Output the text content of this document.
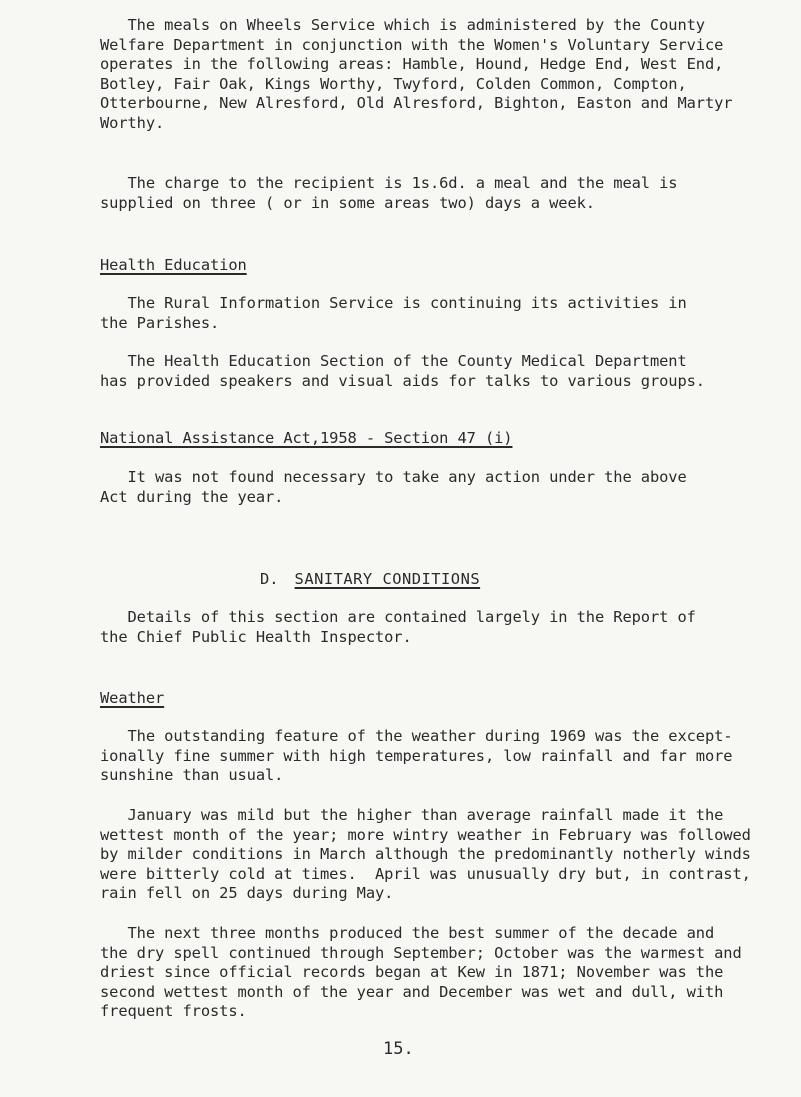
The meals on Wheels Service which is administered by the County
Welfare Department in conjunction with the Women's Voluntary Service
operates in the following areas: Hamble, Hound, Hedge End, West End,
Botley, Fair Oak, Kings Worthy, Twyford, Colden Common, Compton,
Otterbourne, New Alresford, Old Alresford, Bighton, Easton and Martyr
Worthy.

The charge to the recipient is 1s.6d. a meal and the meal is
supplied on three ( or in some areas two) days a week.

Health Education

The Rural Information Service is continuing its activities in
the Parishes.

The Health Education Section of the County Medical Department
has provided speakers and visual aids for talks to various groups.

National Assistance Act,1958 - Section 47 (i)

It was not found necessary to take any action under the above
Act during the year.

D. SANITARY CONDITIONS

Details of this section are contained largely in the Report of
the Chief Public Health Inspector.

Weather

The outstanding feature of the weather during 1969 was the except-
ionally fine summer with high temperatures, low rainfall and far more
sunshine than usual.

January was mild but the higher than average rainfall made it the
wettest month of the year; more wintry weather in February was followed
by milder conditions in March although the predominantly notherly winds
were bitterly cold at times.  April was unusually dry but, in contrast,
rain fell on 25 days during May.

The next three months produced the best summer of the decade and
the dry spell continued through September; October was the warmest and
driest since official records began at Kew in 1871; November was the
second wettest month of the year and December was wet and dull, with
frequent frosts.

15.
